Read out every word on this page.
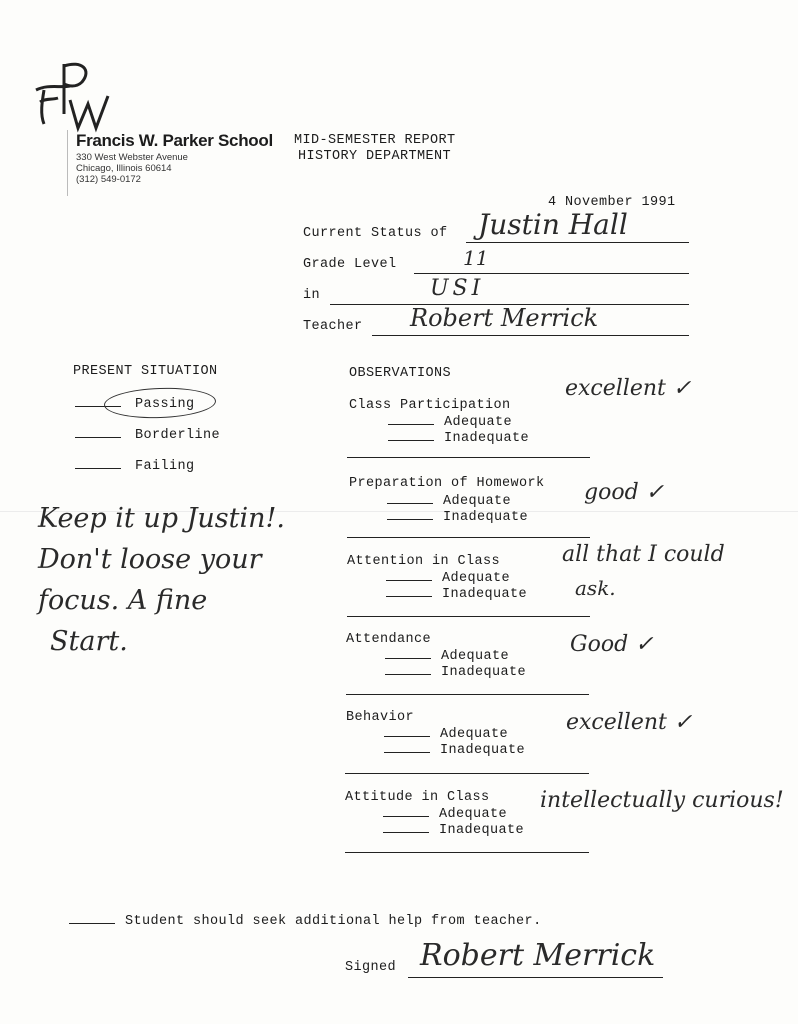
Francis W. Parker School
330 West Webster Avenue
Chicago, Illinois 60614
(312) 549-0172
MID-SEMESTER REPORT
HISTORY DEPARTMENT
4 November 1991
Current Status of Justin Hall
Grade Level	11
in	USI
Teacher Robert Merrick
PRESENT SITUATION
Passing
Borderline
Failing
Keep it up Justin!.
Don't loose your
focus. A fine
Start.
OBSERVATIONS
Class Participation
Adequate
Inadequate
excellent ✓
Preparation of Homework
Adequate
Inadequate
good ✓
Attention in Class
Adequate
Inadequate
all that I could
ask.
Attendance
Adequate
Inadequate
Good ✓
Behavior
Adequate
Inadequate
excellent ✓
Attitude in Class
Adequate
Inadequate
intellectually curious!
Student should seek additional help from teacher.
Signed Robert Merrick
